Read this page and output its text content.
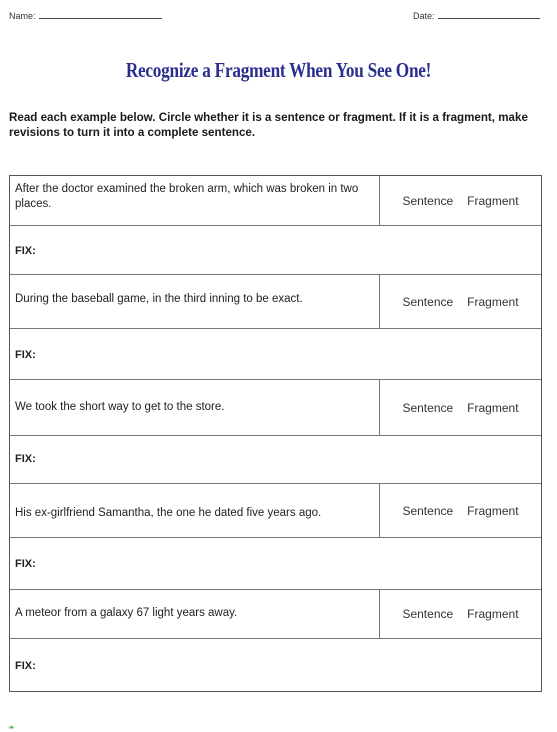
Name:	Date:
Recognize a Fragment When You See One!
Read each example below. Circle whether it is a sentence or fragment. If it is a fragment, make revisions to turn it into a complete sentence.
After the doctor examined the broken arm, which was broken in two places.	Sentence Fragment
FIX:
During the baseball game, in the third inning to be exact.	Sentence Fragment
FIX:
We took the short way to get to the store.	Sentence Fragment
FIX:
His ex-girlfriend Samantha, the one he dated five years ago.	Sentence Fragment
FIX:
A meteor from a galaxy 67 light years away.	Sentence Fragment
FIX:
❧
